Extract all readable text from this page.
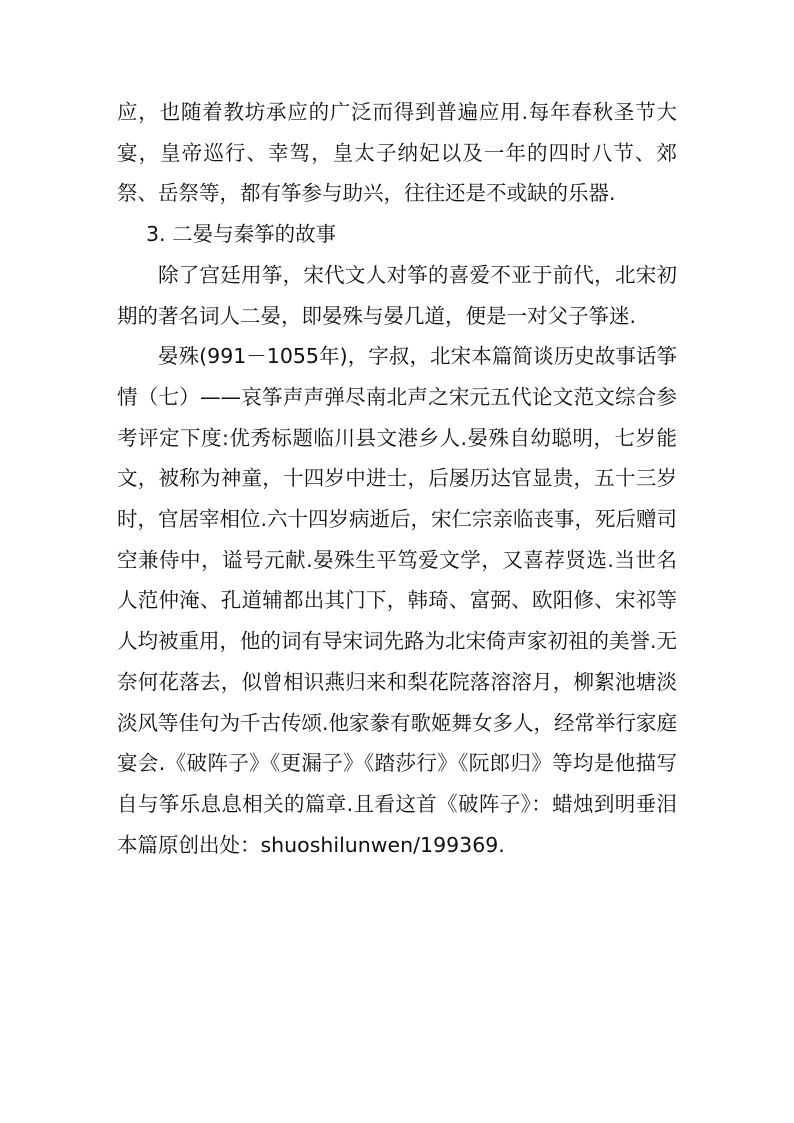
应，也随着教坊承应的广泛而得到普遍应用.每年春秋圣节大宴，皇帝巡行、幸驾，皇太子纳妃以及一年的四时八节、郊祭、岳祭等，都有筝参与助兴，往往还是不或缺的乐器.

3. 二晏与秦筝的故事

除了宫廷用筝，宋代文人对筝的喜爱不亚于前代，北宋初期的著名词人二晏，即晏殊与晏几道，便是一对父子筝迷.

晏殊(991－1055年)，字叔，北宋本篇简谈历史故事话筝情（七）——哀筝声声弹尽南北声之宋元五代论文范文综合参考评定下度:优秀标题临川县文港乡人.晏殊自幼聪明，七岁能文，被称为神童，十四岁中进士，后屡历达官显贵，五十三岁时，官居宰相位.六十四岁病逝后，宋仁宗亲临丧事，死后赠司空兼侍中，谥号元献.晏殊生平笃爱文学，又喜荐贤选.当世名人范仲淹、孔道辅都出其门下，韩琦、富弼、欧阳修、宋祁等人均被重用，他的词有导宋词先路为北宋倚声家初祖的美誉.无奈何花落去，似曾相识燕归来和梨花院落溶溶月，柳絮池塘淡淡风等佳句为千古传颂.他家豢有歌姬舞女多人，经常举行家庭宴会.《破阵子》《更漏子》《踏莎行》《阮郎归》等均是他描写自与筝乐息息相关的篇章.且看这首《破阵子》：蜡烛到明垂泪本篇原创出处：shuoshilunwen/199369.
